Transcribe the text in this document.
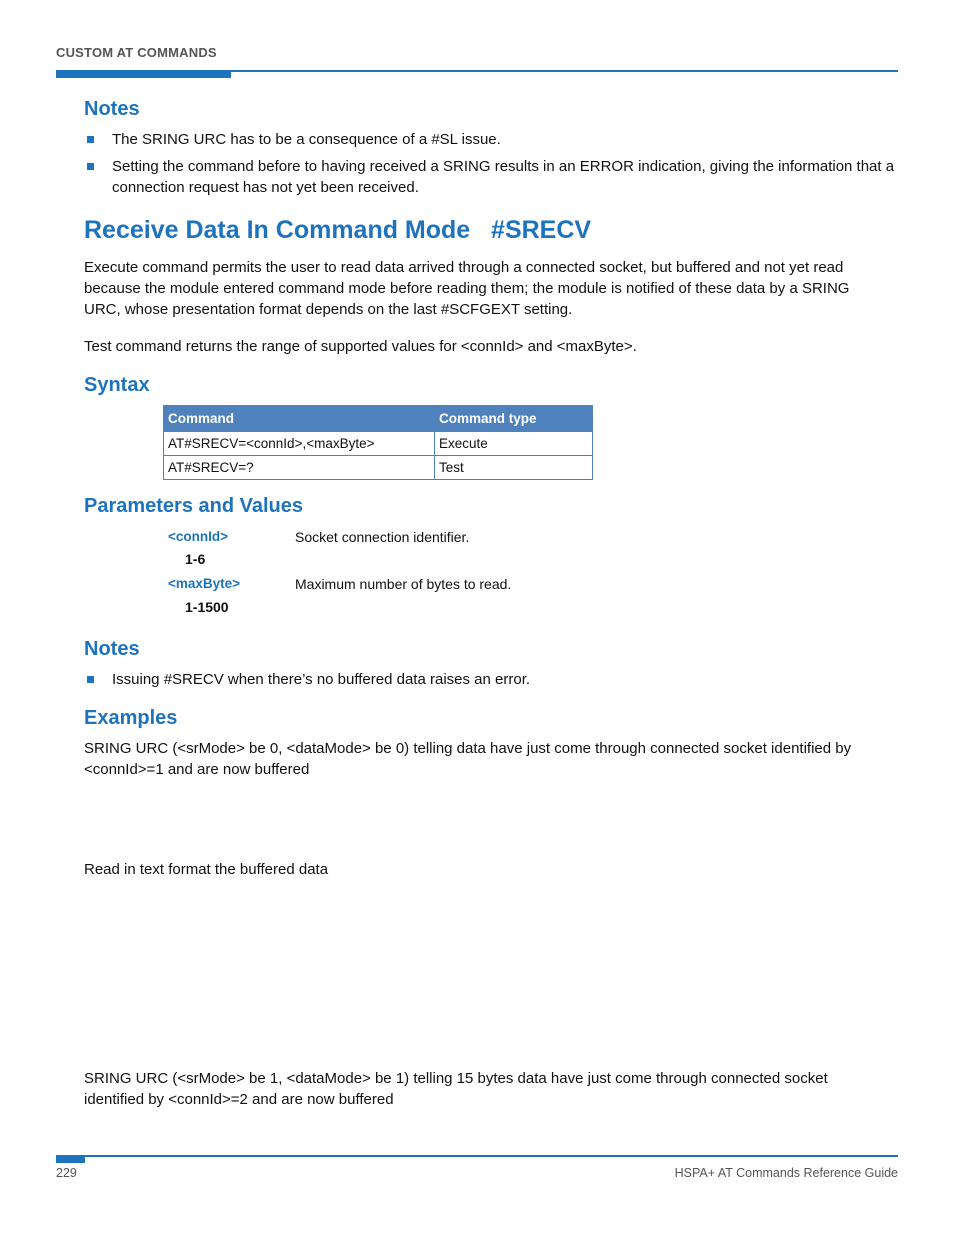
CUSTOM AT COMMANDS
Notes
The SRING URC has to be a consequence of a #SL issue.
Setting the command before to having received a SRING results in an ERROR indication, giving the information that a connection request has not yet been received.
Receive Data In Command Mode   #SRECV
Execute command permits the user to read data arrived through a connected socket, but buffered and not yet read because the module entered command mode before reading them; the module is notified of these data by a SRING URC, whose presentation format depends on the last #SCFGEXT setting.
Test command returns the range of supported values for <connId> and <maxByte>.
Syntax
Command	Command type
AT#SRECV=<connId>,<maxByte>	Execute
AT#SRECV=?	Test
Parameters and Values
<connId>	Socket connection identifier.
1-6
<maxByte>	Maximum number of bytes to read.
1-1500
Notes
Issuing #SRECV when there’s no buffered data raises an error.
Examples
SRING URC (<srMode> be 0, <dataMode> be 0) telling data have just come through connected socket identified by <connId>=1 and are now buffered
Read in text format the buffered data
SRING URC (<srMode> be 1, <dataMode> be 1) telling 15 bytes data have just come through connected socket identified by <connId>=2 and are now buffered
229	HSPA+ AT Commands Reference Guide
